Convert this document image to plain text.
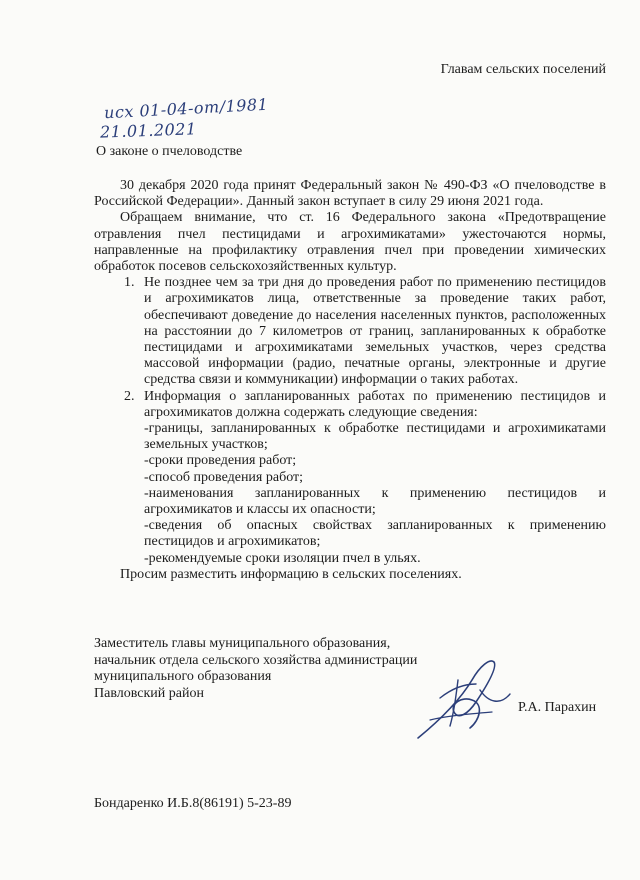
Главам сельских поселений
исх 01-04-от/1981
21.01.2021
О законе о пчеловодстве

30 декабря 2020 года принят Федеральный закон № 490-ФЗ «О пчеловодстве в Российской Федерации». Данный закон вступает в силу 29 июня 2021 года.

Обращаем внимание, что ст. 16 Федерального закона «Предотвращение отравления пчел пестицидами и агрохимикатами» ужесточаются нормы, направленные на профилактику отравления пчел при проведении химических обработок посевов сельскохозяйственных культур.

1. Не позднее чем за три дня до проведения работ по применению пестицидов и агрохимикатов лица, ответственные за проведение таких работ, обеспечивают доведение до населения населенных пунктов, расположенных на расстоянии до 7 километров от границ, запланированных к обработке пестицидами и агрохимикатами земельных участков, через средства массовой информации (радио, печатные органы, электронные и другие средства связи и коммуникации) информации о таких работах.
2. Информация о запланированных работах по применению пестицидов и агрохимикатов должна содержать следующие сведения:

-границы, запланированных к обработке пестицидами и агрохимикатами земельных участков;

-сроки проведения работ;

-способ проведения работ;

-наименования запланированных к применению пестицидов и агрохимикатов и классы их опасности;

-сведения об опасных свойствах запланированных к применению пестицидов и агрохимикатов;

-рекомендуемые сроки изоляции пчел в ульях.

Просим разместить информацию в сельских поселениях.

Заместитель главы муниципального образования,
начальник отдела сельского хозяйства администрации
муниципального образования
Павловский район
Р.А. Парахин
Бондаренко И.Б.8(86191) 5-23-89
